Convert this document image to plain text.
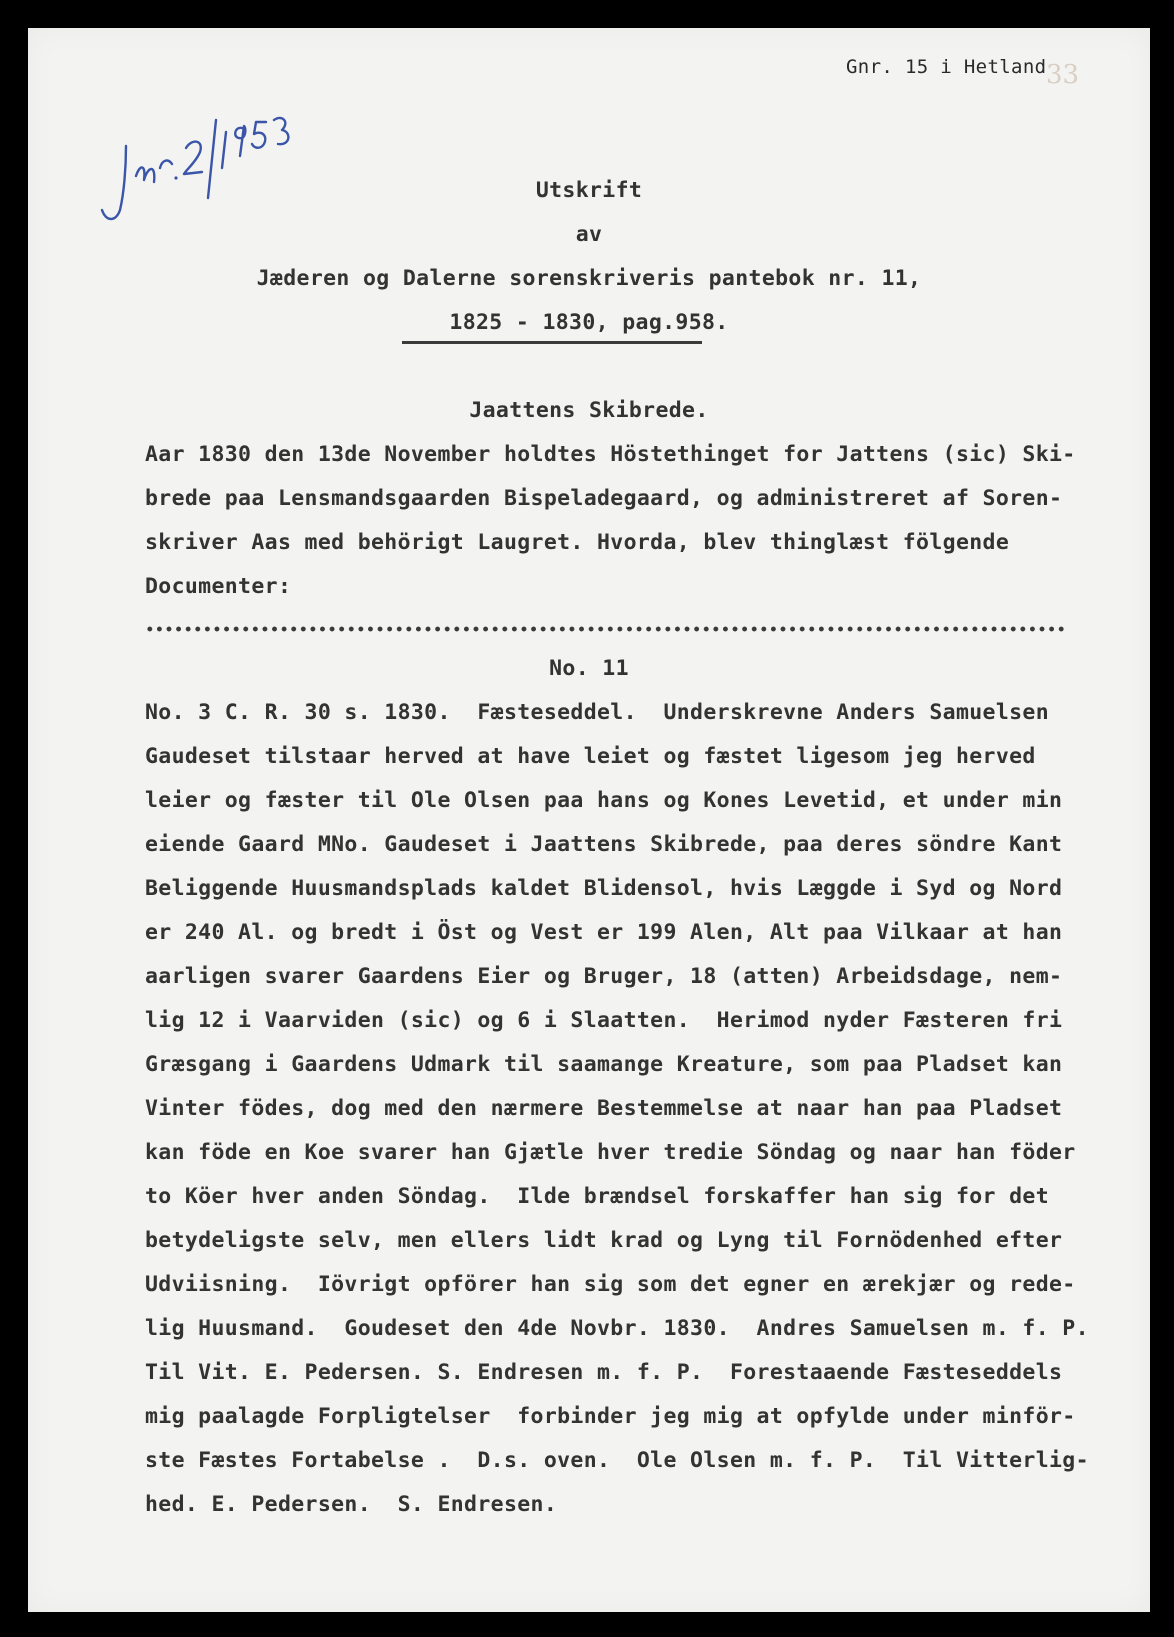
Gnr. 15 i Hetland 33
Jnr. 2/1953
Utskrift
av
Jæderen og Dalerne sorenskriveris pantebok nr. 11,
1825 - 1830, pag.958.
Jaattens Skibrede.
Aar 1830 den 13de November holdtes Höstethinget for Jattens (sic) Ski-
brede paa Lensmandsgaarden Bispeladegaard, og administreret af Soren-
skriver Aas med behörigt Laugret. Hvorda, blev thinglæst fölgende
Documenter:
No. 11
No. 3 C. R. 30 s. 1830.  Fæsteseddel.  Underskrevne Anders Samuelsen
Gaudeset tilstaar herved at have leiet og fæstet ligesom jeg herved
leier og fæster til Ole Olsen paa hans og Kones Levetid, et under min
eiende Gaard MNo. Gaudeset i Jaattens Skibrede, paa deres söndre Kant
Beliggende Huusmandsplads kaldet Blidensol, hvis Læggde i Syd og Nord
er 240 Al. og bredt i Öst og Vest er 199 Alen, Alt paa Vilkaar at han
aarligen svarer Gaardens Eier og Bruger, 18 (atten) Arbeidsdage, nem-
lig 12 i Vaarviden (sic) og 6 i Slaatten.  Herimod nyder Fæsteren fri
Græsgang i Gaardens Udmark til saamange Kreature, som paa Pladset kan
Vinter födes, dog med den nærmere Bestemmelse at naar han paa Pladset
kan föde en Koe svarer han Gjætle hver tredie Söndag og naar han föder
to Köer hver anden Söndag.  Ilde brændsel forskaffer han sig for det
betydeligste selv, men ellers lidt krad og Lyng til Fornödenhed efter
Udviisning.  Iövrigt opförer han sig som det egner en ærekjær og rede-
lig Huusmand.  Goudeset den 4de Novbr. 1830.  Andres Samuelsen m. f. P.
Til Vit. E. Pedersen. S. Endresen m. f. P.  Forestaaende Fæsteseddels
mig paalagde Forpligtelser  forbinder jeg mig at opfylde under minför-
ste Fæstes Fortabelse .  D.s. oven.  Ole Olsen m. f. P.  Til Vitterlig-
hed. E. Pedersen.  S. Endresen.
